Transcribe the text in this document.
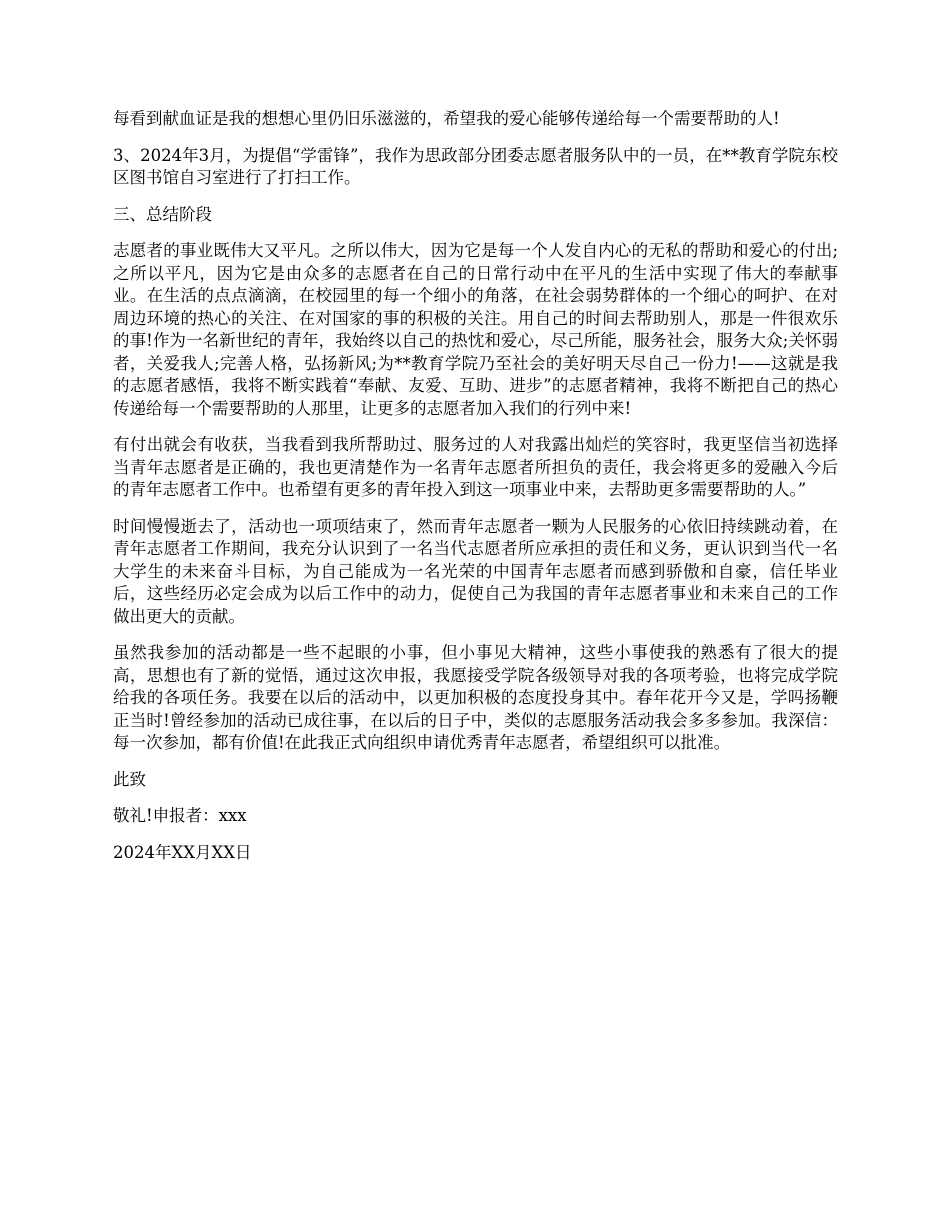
每看到献血证是我的想想心里仍旧乐滋滋的，希望我的爱心能够传递给每一个需要帮助的人!

3、2024年3月，为提倡“学雷锋”，我作为思政部分团委志愿者服务队中的一员，在**教育学院东校区图书馆自习室进行了打扫工作。

三、总结阶段

志愿者的事业既伟大又平凡。之所以伟大，因为它是每一个人发自内心的无私的帮助和爱心的付出;之所以平凡，因为它是由众多的志愿者在自己的日常行动中在平凡的生活中实现了伟大的奉献事业。在生活的点点滴滴，在校园里的每一个细小的角落，在社会弱势群体的一个细心的呵护、在对周边环境的热心的关注、在对国家的事的积极的关注。用自己的时间去帮助别人，那是一件很欢乐的事!作为一名新世纪的青年，我始终以自己的热忱和爱心，尽己所能，服务社会，服务大众;关怀弱者，关爱我人;完善人格，弘扬新风;为**教育学院乃至社会的美好明天尽自己一份力!——这就是我的志愿者感悟，我将不断实践着“奉献、友爱、互助、进步”的志愿者精神，我将不断把自己的热心传递给每一个需要帮助的人那里，让更多的志愿者加入我们的行列中来!

有付出就会有收获，当我看到我所帮助过、服务过的人对我露出灿烂的笑容时，我更坚信当初选择当青年志愿者是正确的，我也更清楚作为一名青年志愿者所担负的责任，我会将更多的爱融入今后的青年志愿者工作中。也希望有更多的青年投入到这一项事业中来，去帮助更多需要帮助的人。”

时间慢慢逝去了，活动也一项项结束了，然而青年志愿者一颗为人民服务的心依旧持续跳动着，在青年志愿者工作期间，我充分认识到了一名当代志愿者所应承担的责任和义务，更认识到当代一名大学生的未来奋斗目标，为自己能成为一名光荣的中国青年志愿者而感到骄傲和自豪，信任毕业后，这些经历必定会成为以后工作中的动力，促使自己为我国的青年志愿者事业和未来自己的工作做出更大的贡献。

虽然我参加的活动都是一些不起眼的小事，但小事见大精神，这些小事使我的熟悉有了很大的提高，思想也有了新的觉悟，通过这次申报，我愿接受学院各级领导对我的各项考验，也将完成学院给我的各项任务。我要在以后的活动中，以更加积极的态度投身其中。春年花开今又是，学吗扬鞭正当时!曾经参加的活动已成往事，在以后的日子中，类似的志愿服务活动我会多多参加。我深信：每一次参加，都有价值!在此我正式向组织申请优秀青年志愿者，希望组织可以批准。

此致

敬礼!申报者：xxx

2024年XX月XX日
